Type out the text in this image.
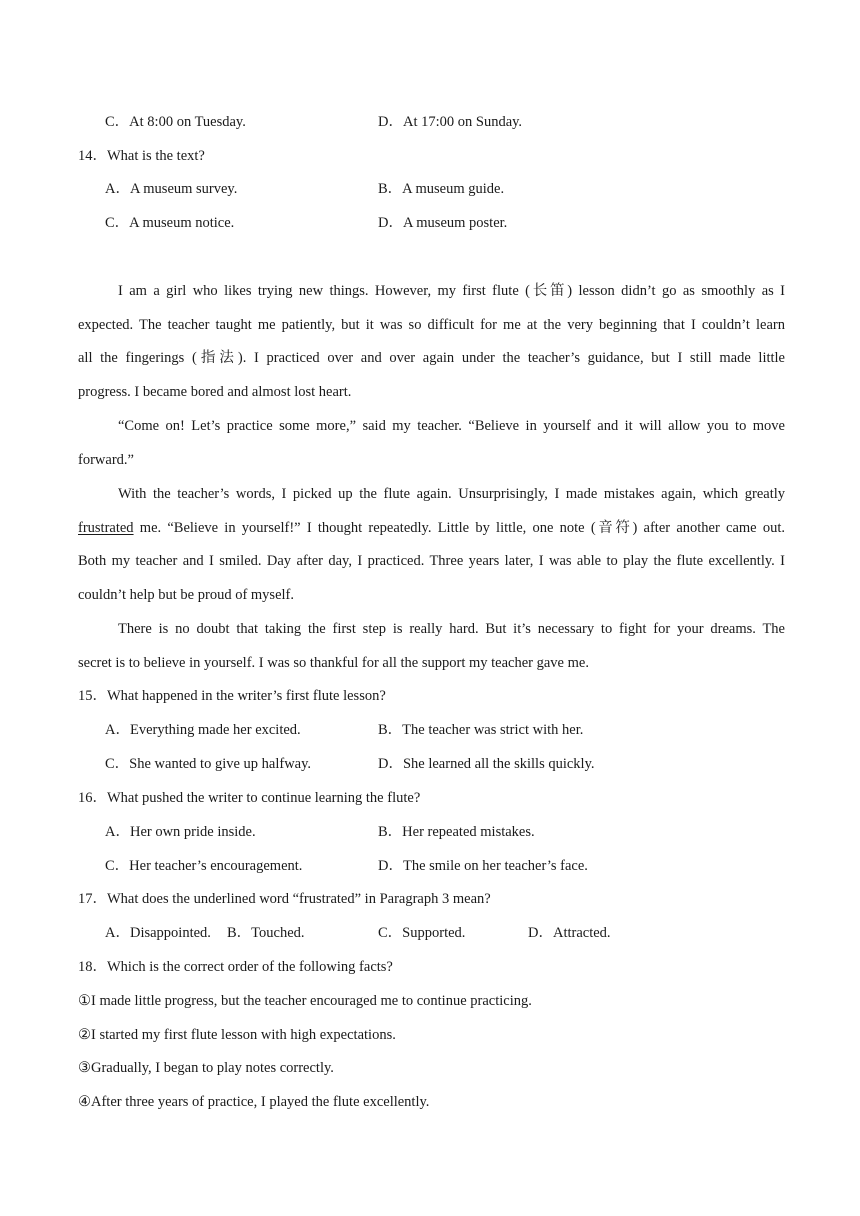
C．At 8:00 on Tuesday.	D．At 17:00 on Sunday.
14．What is the text?
A．A museum survey.	B．A museum guide.
C．A museum notice.	D．A museum poster.
I am a girl who likes trying new things. However, my first flute (长笛) lesson didn’t go as smoothly as I
expected. The teacher taught me patiently, but it was so difficult for me at the very beginning that I couldn’t learn
all the fingerings (指法). I practiced over and over again under the teacher’s guidance, but I still made little
progress. I became bored and almost lost heart.
“Come on! Let’s practice some more,” said my teacher. “Believe in yourself and it will allow you to move
forward.”
With the teacher’s words, I picked up the flute again. Unsurprisingly, I made mistakes again, which greatly
frustrated me. “Believe in yourself!” I thought repeatedly. Little by little, one note (音符) after another came out.
Both my teacher and I smiled. Day after day, I practiced. Three years later, I was able to play the flute excellently. I
couldn’t help but be proud of myself.
There is no doubt that taking the first step is really hard. But it’s necessary to fight for your dreams. The
secret is to believe in yourself. I was so thankful for all the support my teacher gave me.
15．What happened in the writer’s first flute lesson?
A．Everything made her excited.	B．The teacher was strict with her.
C．She wanted to give up halfway.	D．She learned all the skills quickly.
16．What pushed the writer to continue learning the flute?
A．Her own pride inside.	B．Her repeated mistakes.
C．Her teacher’s encouragement.	D．The smile on her teacher’s face.
17．What does the underlined word “frustrated” in Paragraph 3 mean?
A．Disappointed. B．Touched.	C．Supported.	D．Attracted.
18．Which is the correct order of the following facts?
①I made little progress, but the teacher encouraged me to continue practicing.
②I started my first flute lesson with high expectations.
③Gradually, I began to play notes correctly.
④After three years of practice, I played the flute excellently.
